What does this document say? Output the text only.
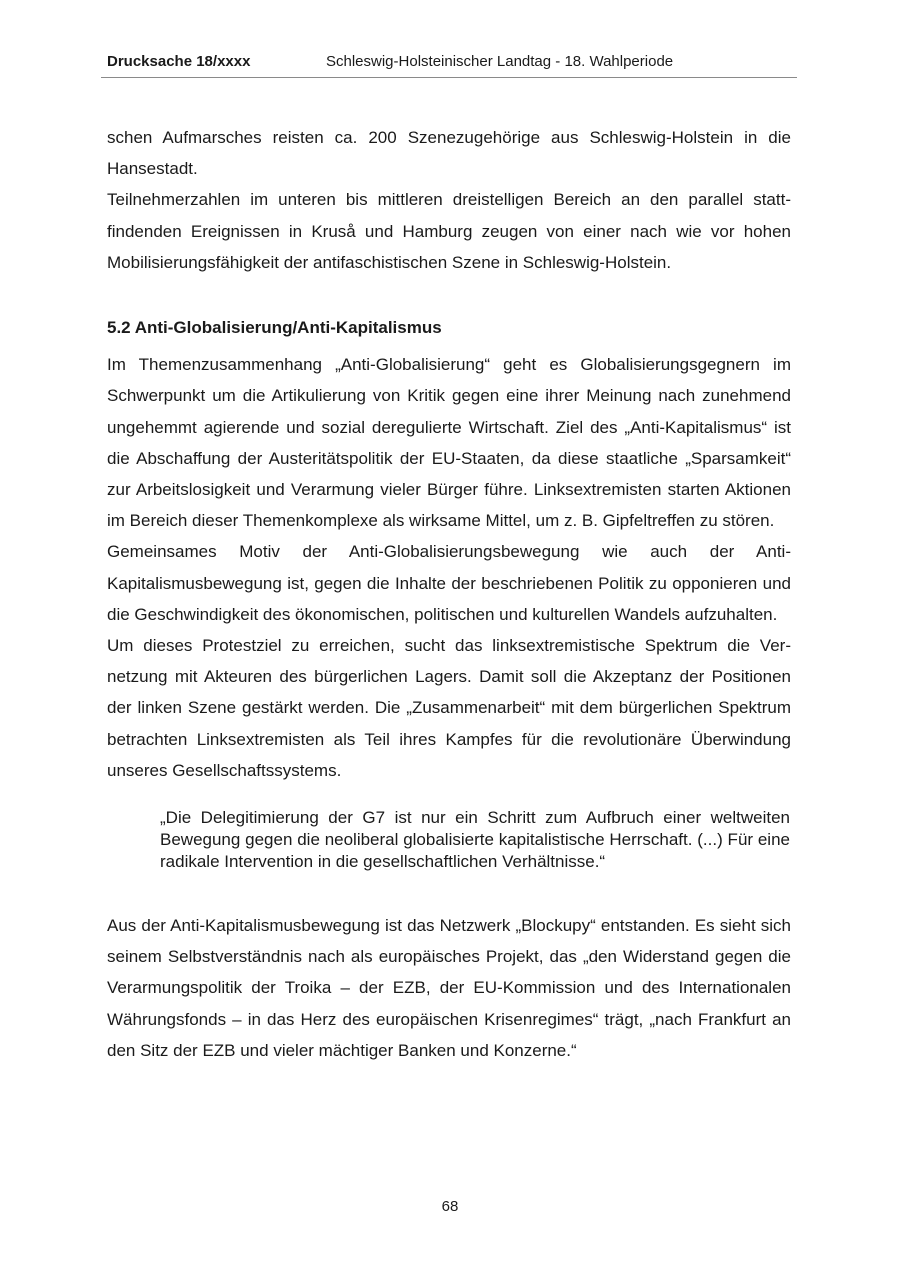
Drucksache 18/xxxx	Schleswig-Holsteinischer Landtag - 18. Wahlperiode

schen Aufmarsches reisten ca. 200 Szenezugehörige aus Schleswig-Holstein in die Hansestadt.

Teilnehmerzahlen im unteren bis mittleren dreistelligen Bereich an den parallel stattfindenden Ereignissen in Kruså und Hamburg zeugen von einer nach wie vor hohen Mobilisierungsfähigkeit der antifaschistischen Szene in Schleswig-Holstein.

5.2 Anti-Globalisierung/Anti-Kapitalismus

Im Themenzusammenhang „Anti-Globalisierung“ geht es Globalisierungsgegnern im Schwerpunkt um die Artikulierung von Kritik gegen eine ihrer Meinung nach zunehmend ungehemmt agierende und sozial deregulierte Wirtschaft. Ziel des „Anti-Kapitalismus“ ist die Abschaffung der Austeritätspolitik der EU-Staaten, da diese staatliche „Sparsamkeit“ zur Arbeitslosigkeit und Verarmung vieler Bürger führe. Linksextremisten starten Aktionen im Bereich dieser Themenkomplexe als wirksame Mittel, um z. B. Gipfeltreffen zu stören.

Gemeinsames Motiv der Anti-Globalisierungsbewegung wie auch der Anti-Kapitalismusbewegung ist, gegen die Inhalte der beschriebenen Politik zu opponieren und die Geschwindigkeit des ökonomischen, politischen und kulturellen Wandels aufzuhalten.

Um dieses Protestziel zu erreichen, sucht das linksextremistische Spektrum die Vernetzung mit Akteuren des bürgerlichen Lagers. Damit soll die Akzeptanz der Positionen der linken Szene gestärkt werden. Die „Zusammenarbeit“ mit dem bürgerlichen Spektrum betrachten Linksextremisten als Teil ihres Kampfes für die revolutionäre Überwindung unseres Gesellschaftssystems.

„Die Delegitimierung der G7 ist nur ein Schritt zum Aufbruch einer weltweiten Bewegung gegen die neoliberal globalisierte kapitalistische Herrschaft. (...) Für eine radikale Intervention in die gesellschaftlichen Verhältnisse.“

Aus der Anti-Kapitalismusbewegung ist das Netzwerk „Blockupy“ entstanden. Es sieht sich seinem Selbstverständnis nach als europäisches Projekt, das „den Widerstand gegen die Verarmungspolitik der Troika – der EZB, der EU-Kommission und des Internationalen Währungsfonds – in das Herz des europäischen Krisenregimes“ trägt, „nach Frankfurt an den Sitz der EZB und vieler mächtiger Banken und Konzerne.“

68
